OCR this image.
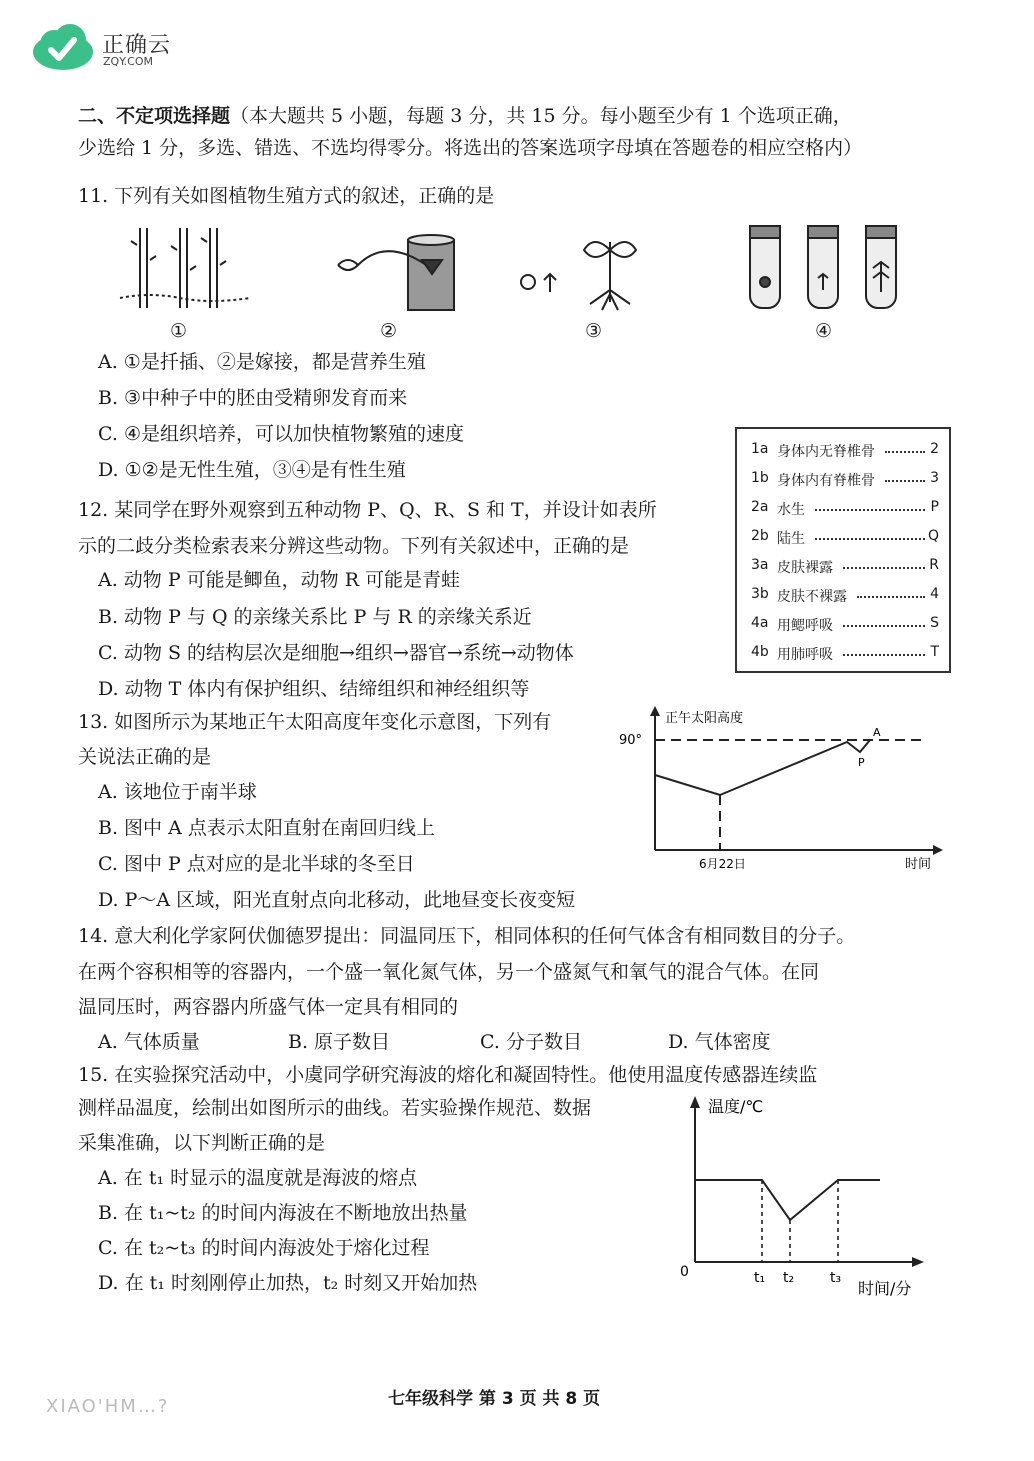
正确云
ZQY.COM
二、不定项选择题（本大题共 5 小题，每题 3 分，共 15 分。每小题至少有 1 个选项正确，
少选给 1 分，多选、错选、不选均得零分。将选出的答案选项字母填在答题卷的相应空格内）
11. 下列有关如图植物生殖方式的叙述，正确的是
①	②	③	④
A. ①是扦插、②是嫁接，都是营养生殖
B. ③中种子中的胚由受精卵发育而来
C. ④是组织培养，可以加快植物繁殖的速度
D. ①②是无性生殖，③④是有性生殖
1a 身体内无脊椎骨	2
1b 身体内有脊椎骨	3
2a 水生	P
2b 陆生	Q
3a 皮肤裸露	R
3b 皮肤不裸露	4
4a 用鳃呼吸	S
4b 用肺呼吸	T
12. 某同学在野外观察到五种动物 P、Q、R、S 和 T，并设计如表所
示的二歧分类检索表来分辨这些动物。下列有关叙述中，正确的是
A. 动物 P 可能是鲫鱼，动物 R 可能是青蛙
B. 动物 P 与 Q 的亲缘关系比 P 与 R 的亲缘关系近
C. 动物 S 的结构层次是细胞→组织→器官→系统→动物体
D. 动物 T 体内有保护组织、结缔组织和神经组织等
13. 如图所示为某地正午太阳高度年变化示意图，下列有
关说法正确的是
A. 该地位于南半球
B. 图中 A 点表示太阳直射在南回归线上
C. 图中 P 点对应的是北半球的冬至日
D. P～A 区域，阳光直射点向北移动，此地昼变长夜变短
正午太阳高度
90°
6月22日	时间
A
P
14. 意大利化学家阿伏伽德罗提出：同温同压下，相同体积的任何气体含有相同数目的分子。
在两个容积相等的容器内，一个盛一氧化氮气体，另一个盛氮气和氧气的混合气体。在同
温同压时，两容器内所盛气体一定具有相同的
A. 气体质量	B. 原子数目	C. 分子数目	D. 气体密度
15. 在实验探究活动中，小虞同学研究海波的熔化和凝固特性。他使用温度传感器连续监
测样品温度，绘制出如图所示的曲线。若实验操作规范、数据
采集准确，以下判断正确的是
A. 在 t₁ 时显示的温度就是海波的熔点
B. 在 t₁~t₂ 的时间内海波在不断地放出热量
C. 在 t₂~t₃ 的时间内海波处于熔化过程
D. 在 t₁ 时刻刚停止加热，t₂ 时刻又开始加热
温度/℃
0	t₁ t₂	t₃
时间/分
七年级科学 第 3 页 共 8 页
XIAO'HM…?
